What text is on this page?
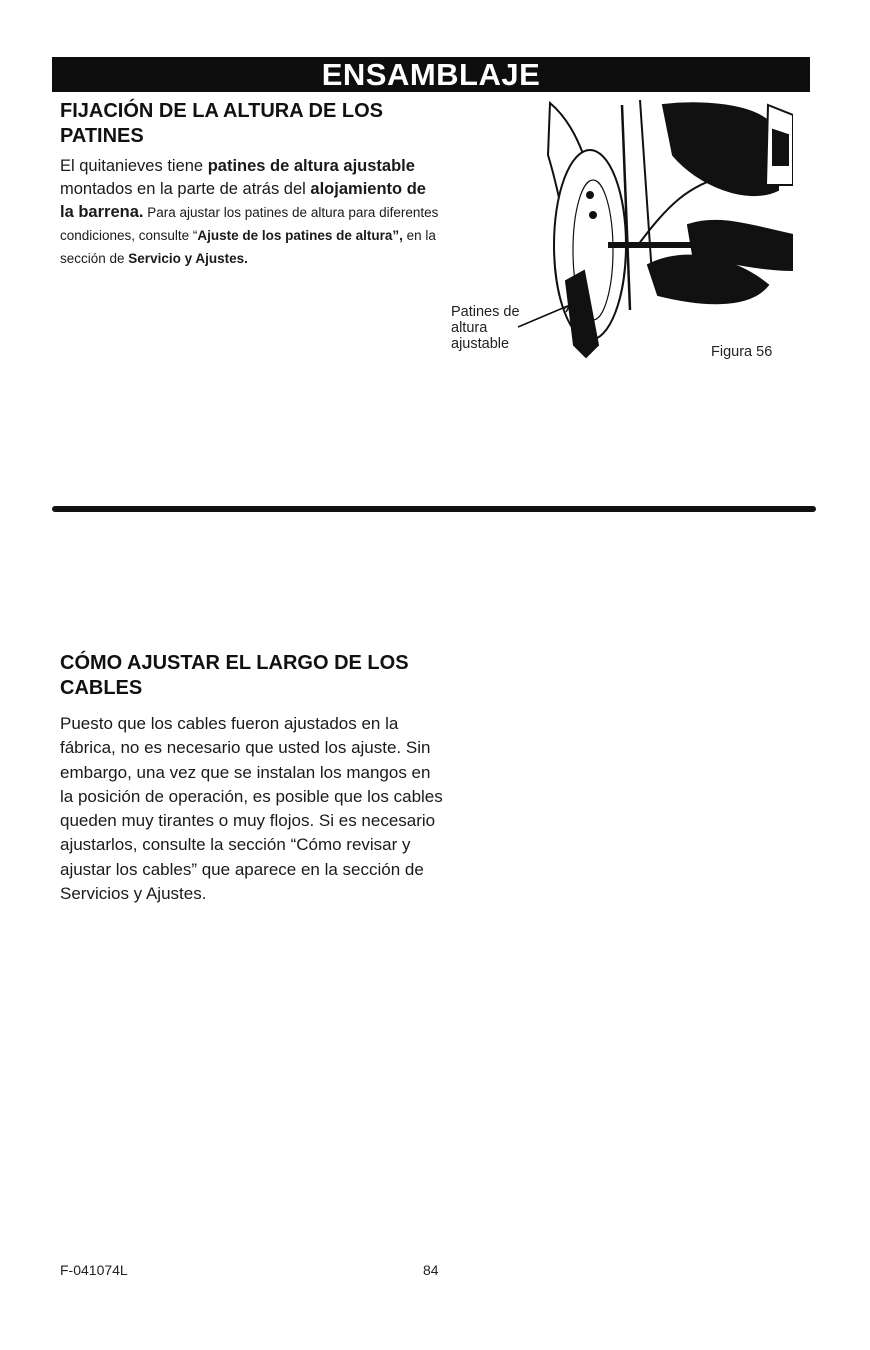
ENSAMBLAJE
FIJACIÓN DE LA ALTURA DE LOS PATINES

El quitanieves tiene patines de altura ajustable montados en la parte de atrás del alojamiento de la barrena. Para ajustar los patines de altura para diferentes condiciones, consulte “Ajuste de los patines de altura”, en la sección de Servicio y Ajustes.

Patines de
altura
ajustable	Figura 56
CÓMO AJUSTAR EL LARGO DE LOS CABLES

Puesto que los cables fueron ajustados en la fábrica, no es necesario que usted los ajuste. Sin embargo, una vez que se instalan los mangos en la posición de operación, es posible que los cables queden muy tirantes o muy flojos. Si es necesario ajustarlos, consulte la sección “Cómo revisar y ajustar los cables” que aparece en la sección de Servicios y Ajustes.

F-041074L	84
